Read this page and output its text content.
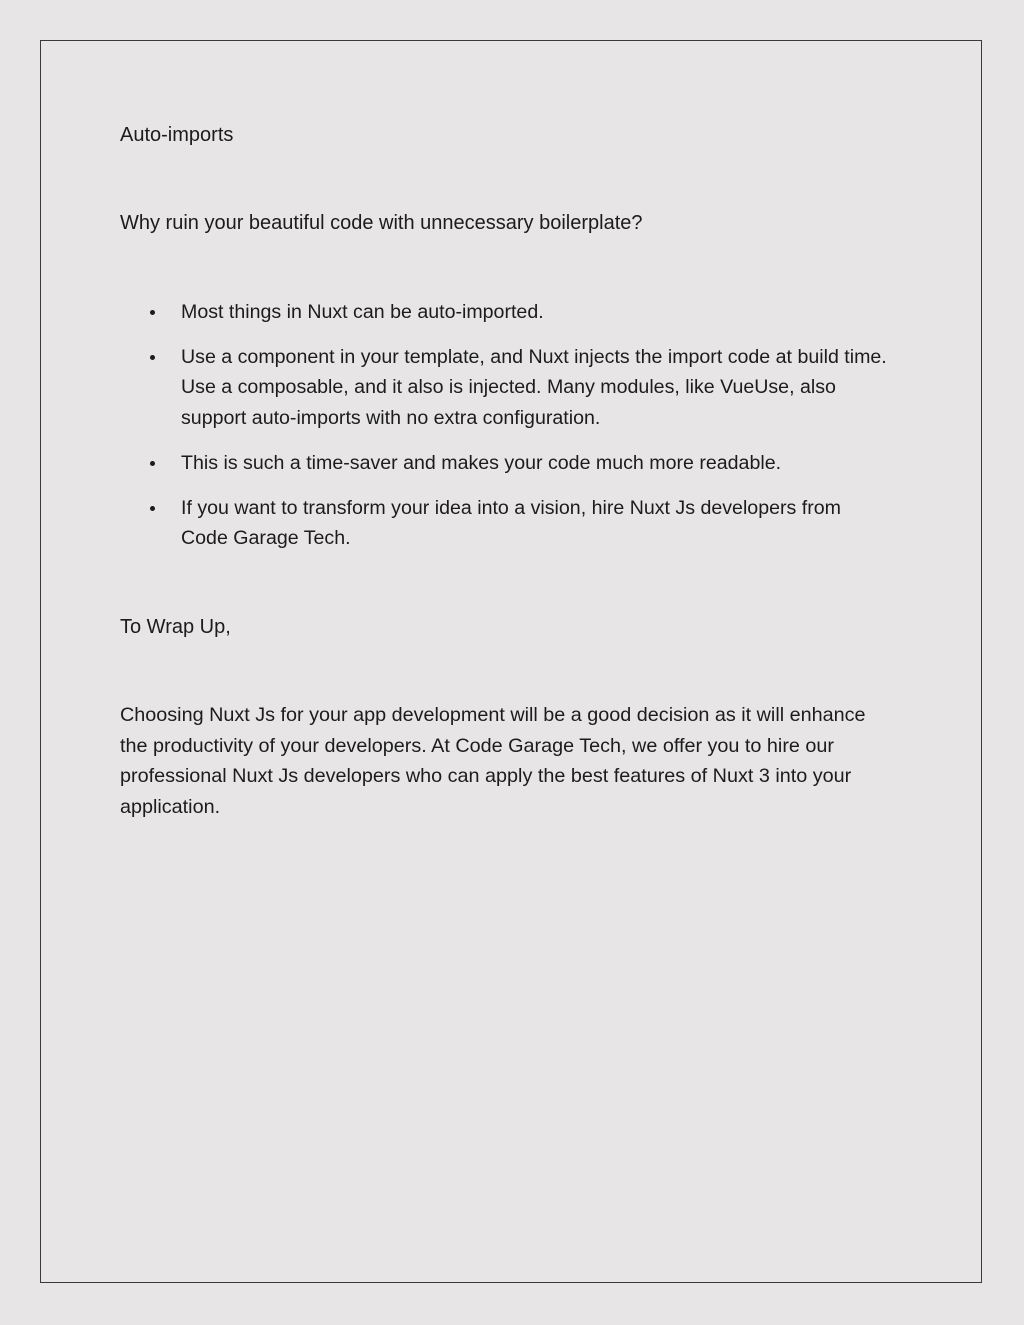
Auto-imports

Why ruin your beautiful code with unnecessary boilerplate?

Most things in Nuxt can be auto-imported.
Use a component in your template, and Nuxt injects the import code at build time. Use a composable, and it also is injected. Many modules, like VueUse, also support auto-imports with no extra configuration.
This is such a time-saver and makes your code much more readable.
If you want to transform your idea into a vision, hire Nuxt Js developers from Code Garage Tech.

To Wrap Up,

Choosing Nuxt Js for your app development will be a good decision as it will enhance the productivity of your developers. At Code Garage Tech, we offer you to hire our professional Nuxt Js developers who can apply the best features of Nuxt 3 into your application.
